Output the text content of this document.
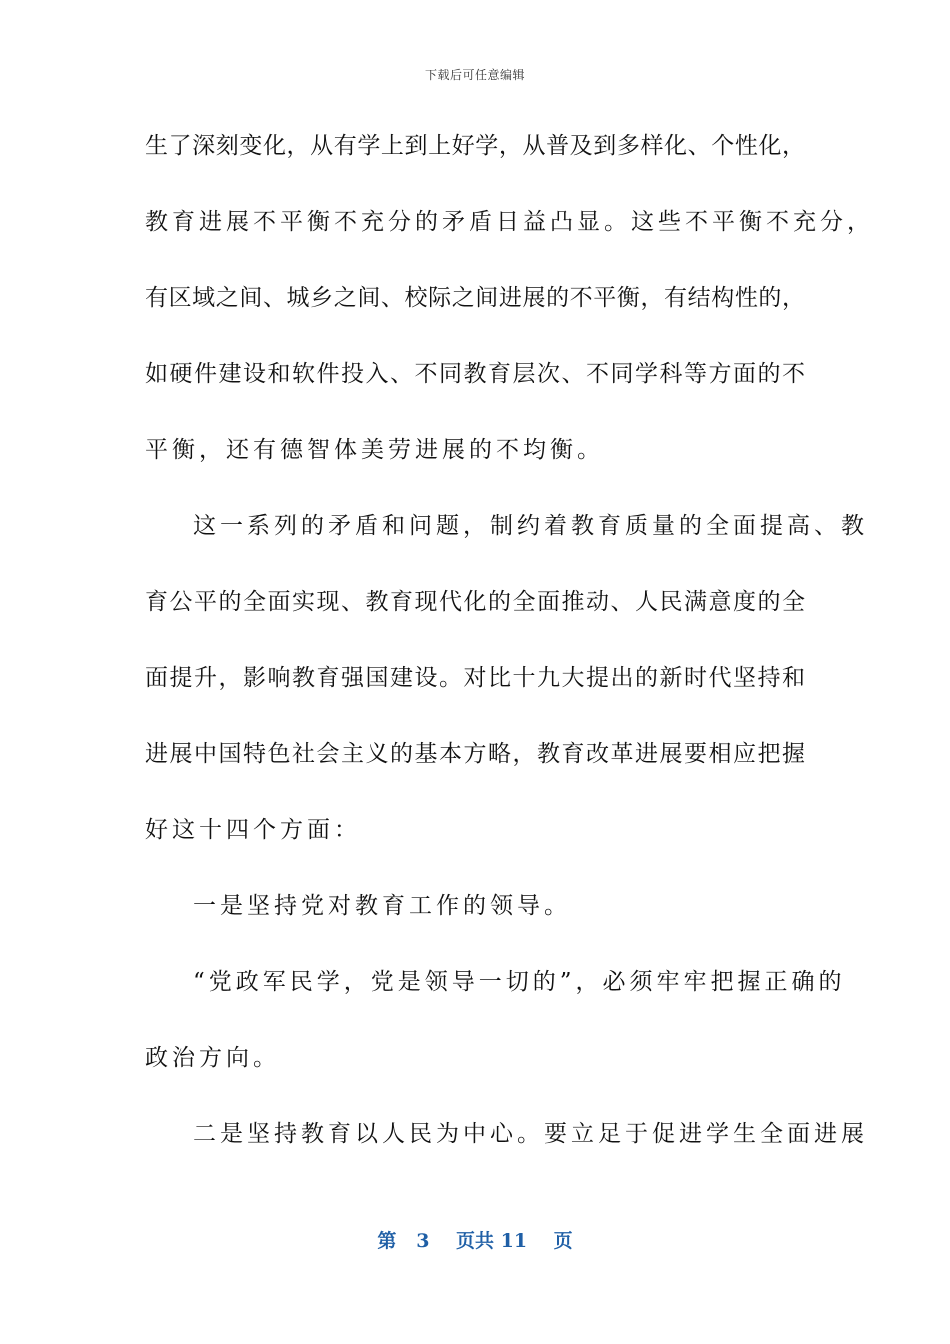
下载后可任意编辑
生了深刻变化，从有学上到上好学，从普及到多样化、个性化，
教育进展不平衡不充分的矛盾日益凸显。这些不平衡不充分，
有区域之间、城乡之间、校际之间进展的不平衡，有结构性的，
如硬件建设和软件投入、不同教育层次、不同学科等方面的不
平衡，还有德智体美劳进展的不均衡。
这一系列的矛盾和问题，制约着教育质量的全面提高、教
育公平的全面实现、教育现代化的全面推动、人民满意度的全
面提升，影响教育强国建设。对比十九大提出的新时代坚持和
进展中国特色社会主义的基本方略，教育改革进展要相应把握
好这十四个方面：
一是坚持党对教育工作的领导。
“党政军民学，党是领导一切的”，必须牢牢把握正确的
政治方向。
二是坚持教育以人民为中心。要立足于促进学生全面进展
第 3 页共 11 页
